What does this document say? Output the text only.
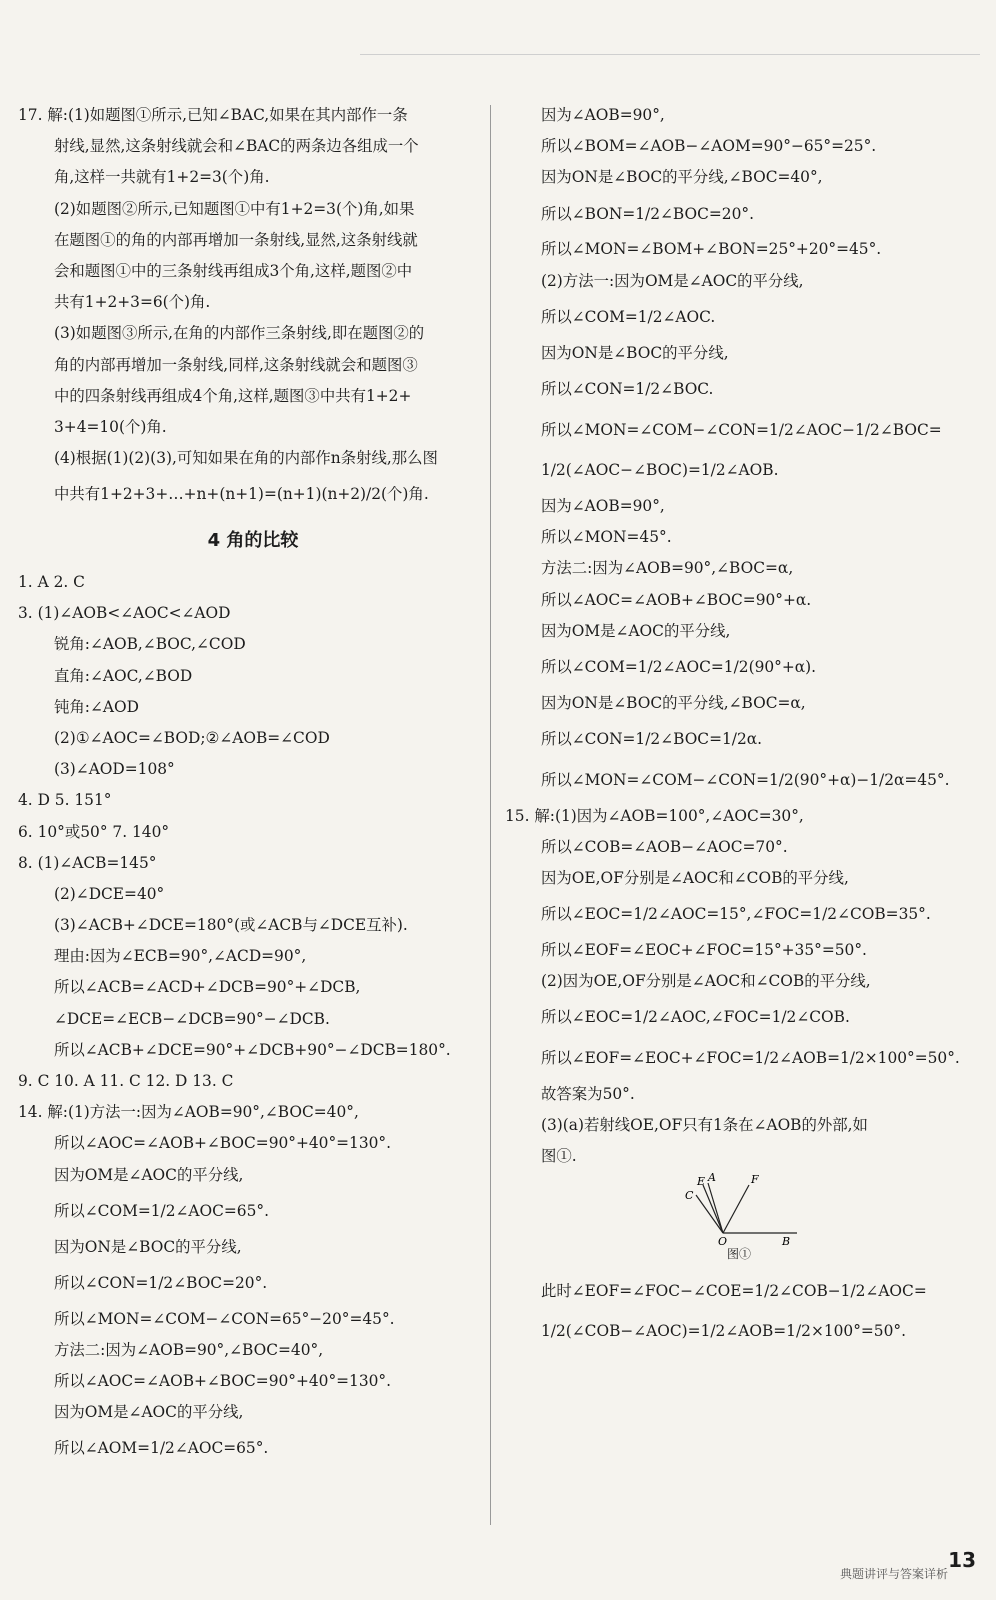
17. 解:(1)如题图①所示,已知∠BAC,如果在其内部作一条
射线,显然,这条射线就会和∠BAC的两条边各组成一个
角,这样一共就有1+2=3(个)角.
(2)如题图②所示,已知题图①中有1+2=3(个)角,如果
在题图①的角的内部再增加一条射线,显然,这条射线就
会和题图①中的三条射线再组成3个角,这样,题图②中
共有1+2+3=6(个)角.
(3)如题图③所示,在角的内部作三条射线,即在题图②的
角的内部再增加一条射线,同样,这条射线就会和题图③
中的四条射线再组成4个角,这样,题图③中共有1+2+
3+4=10(个)角.
(4)根据(1)(2)(3),可知如果在角的内部作n条射线,那么图
中共有1+2+3+…+n+(n+1)=(n+1)(n+2)/2(个)角.
4 角的比较
1. A 2. C
3. (1)∠AOB<∠AOC<∠AOD
锐角:∠AOB,∠BOC,∠COD
直角:∠AOC,∠BOD
钝角:∠AOD
(2)①∠AOC=∠BOD;②∠AOB=∠COD
(3)∠AOD=108°
4. D 5. 151°
6. 10°或50° 7. 140°
8. (1)∠ACB=145°
(2)∠DCE=40°
(3)∠ACB+∠DCE=180°(或∠ACB与∠DCE互补).
理由:因为∠ECB=90°,∠ACD=90°,
所以∠ACB=∠ACD+∠DCB=90°+∠DCB,
∠DCE=∠ECB−∠DCB=90°−∠DCB.
所以∠ACB+∠DCE=90°+∠DCB+90°−∠DCB=180°.
9. C 10. A 11. C 12. D 13. C
14. 解:(1)方法一:因为∠AOB=90°,∠BOC=40°,
所以∠AOC=∠AOB+∠BOC=90°+40°=130°.
因为OM是∠AOC的平分线,
所以∠COM=1/2∠AOC=65°.
因为ON是∠BOC的平分线,
所以∠CON=1/2∠BOC=20°.
所以∠MON=∠COM−∠CON=65°−20°=45°.
方法二:因为∠AOB=90°,∠BOC=40°,
所以∠AOC=∠AOB+∠BOC=90°+40°=130°.
因为OM是∠AOC的平分线,
所以∠AOM=1/2∠AOC=65°.
因为∠AOB=90°,
所以∠BOM=∠AOB−∠AOM=90°−65°=25°.
因为ON是∠BOC的平分线,∠BOC=40°,
所以∠BON=1/2∠BOC=20°.
所以∠MON=∠BOM+∠BON=25°+20°=45°.
(2)方法一:因为OM是∠AOC的平分线,
所以∠COM=1/2∠AOC.
因为ON是∠BOC的平分线,
所以∠CON=1/2∠BOC.
所以∠MON=∠COM−∠CON=1/2∠AOC−1/2∠BOC=
1/2(∠AOC−∠BOC)=1/2∠AOB.
因为∠AOB=90°,
所以∠MON=45°.
方法二:因为∠AOB=90°,∠BOC=α,
所以∠AOC=∠AOB+∠BOC=90°+α.
因为OM是∠AOC的平分线,
所以∠COM=1/2∠AOC=1/2(90°+α).
因为ON是∠BOC的平分线,∠BOC=α,
所以∠CON=1/2∠BOC=1/2α.
所以∠MON=∠COM−∠CON=1/2(90°+α)−1/2α=45°.
15. 解:(1)因为∠AOB=100°,∠AOC=30°,
所以∠COB=∠AOB−∠AOC=70°.
因为OE,OF分别是∠AOC和∠COB的平分线,
所以∠EOC=1/2∠AOC=15°,∠FOC=1/2∠COB=35°.
所以∠EOF=∠EOC+∠FOC=15°+35°=50°.
(2)因为OE,OF分别是∠AOC和∠COB的平分线,
所以∠EOC=1/2∠AOC,∠FOC=1/2∠COB.
所以∠EOF=∠EOC+∠FOC=1/2∠AOB=1/2×100°=50°.
故答案为50°.
(3)(a)若射线OE,OF只有1条在∠AOB的外部,如
图①.
E A	F
C
O	B
图①
此时∠EOF=∠FOC−∠COE=1/2∠COB−1/2∠AOC=
1/2(∠COB−∠AOC)=1/2∠AOB=1/2×100°=50°.
典题讲评与答案详析
13
